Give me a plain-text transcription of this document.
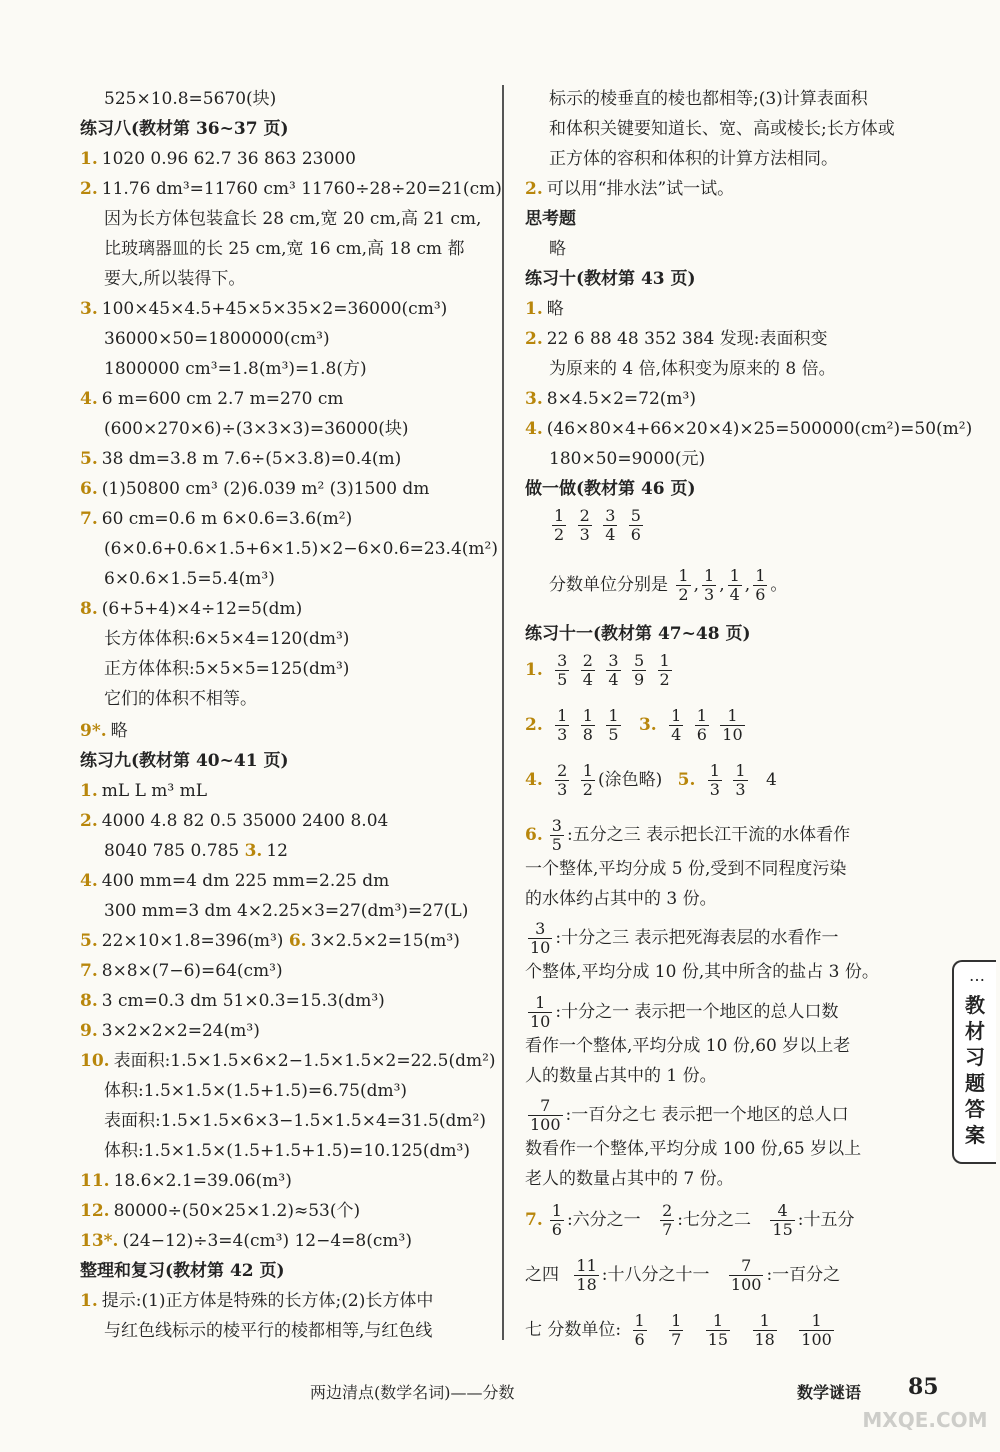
525×10.8=5670(块)
练习八(教材第 36~37 页)
1. 1020 0.96 62.7 36 863 23000
2. 11.76 dm³=11760 cm³ 11760÷28÷20=21(cm)
因为长方体包装盒长 28 cm,宽 20 cm,高 21 cm,
比玻璃器皿的长 25 cm,宽 16 cm,高 18 cm 都
要大,所以装得下。
3. 100×45×4.5+45×5×35×2=36000(cm³)
36000×50=1800000(cm³)
1800000 cm³=1.8(m³)=1.8(方)
4. 6 m=600 cm 2.7 m=270 cm
(600×270×6)÷(3×3×3)=36000(块)
5. 38 dm=3.8 m 7.6÷(5×3.8)=0.4(m)
6. (1)50800 cm³ (2)6.039 m² (3)1500 dm
7. 60 cm=0.6 m 6×0.6=3.6(m²)
(6×0.6+0.6×1.5+6×1.5)×2−6×0.6=23.4(m²)
6×0.6×1.5=5.4(m³)
8. (6+5+4)×4÷12=5(dm)
长方体体积:6×5×4=120(dm³)
正方体体积:5×5×5=125(dm³)
它们的体积不相等。
9*. 略
练习九(教材第 40~41 页)
1. mL L m³ mL
2. 4000 4.8 82 0.5 35000 2400 8.04
8040 785 0.785 3. 12
4. 400 mm=4 dm 225 mm=2.25 dm
300 mm=3 dm 4×2.25×3=27(dm³)=27(L)
5. 22×10×1.8=396(m³) 6. 3×2.5×2=15(m³)
7. 8×8×(7−6)=64(cm³)
8. 3 cm=0.3 dm 51×0.3=15.3(dm³)
9. 3×2×2×2=24(m³)
10. 表面积:1.5×1.5×6×2−1.5×1.5×2=22.5(dm²)
体积:1.5×1.5×(1.5+1.5)=6.75(dm³)
表面积:1.5×1.5×6×3−1.5×1.5×4=31.5(dm²)
体积:1.5×1.5×(1.5+1.5+1.5)=10.125(dm³)
11. 18.6×2.1=39.06(m³)
12. 80000÷(50×25×1.2)≈53(个)
13*. (24−12)÷3=4(cm³) 12−4=8(cm³)
整理和复习(教材第 42 页)
1. 提示:(1)正方体是特殊的长方体;(2)长方体中
与红色线标示的棱平行的棱都相等,与红色线
标示的棱垂直的棱也都相等;(3)计算表面积
和体积关键要知道长、宽、高或棱长;长方体或
正方体的容积和体积的计算方法相同。
2. 可以用“排水法”试一试。
思考题
略
练习十(教材第 43 页)
1. 略
2. 22 6 88 48 352 384 发现:表面积变
为原来的 4 倍,体积变为原来的 8 倍。
3. 8×4.5×2=72(m³)
4. (46×80×4+66×20×4)×25=500000(cm²)=50(m²)
180×50=9000(元)
做一做(教材第 46 页)
$\frac{1}{2}$
$\frac{2}{3}$
$\frac{3}{4}$
$\frac{5}{6}$
分数单位分别是 $\frac{1}{2}$ , $\frac{1}{3}$ , $\frac{1}{4}$ , $\frac{1}{6}$ 。
练习十一(教材第 47~48 页)
1. $\frac{3}{5}$
$\frac{2}{4}$
$\frac{3}{4}$
$\frac{5}{9}$
$\frac{1}{2}$
2. $\frac{1}{3}$
$\frac{1}{8}$
$\frac{1}{5} 3$. $\frac{1}{4}$
$\frac{1}{6}$
$\frac{1}{10}$
4. $\frac{2}{3}$
$\frac{1}{2}$ (涂色略) 5. $\frac{1}{3}$
$\frac{1}{3} 4$
6. $\frac{3}{5}$ :五分之三 表示把长江干流的水体看作
一个整体,平均分成 5 份,受到不同程度污染
的水体约占其中的 3 份。
$\frac{3}{10}$ :十分之三 表示把死海表层的水看作一
个整体,平均分成 10 份,其中所含的盐占 3 份。
$\frac{1}{10}$ :十分之一 表示把一个地区的总人口数
看作一个整体,平均分成 10 份,60 岁以上老
人的数量占其中的 1 份。
$\frac{7}{100}$ :一百分之七 表示把一个地区的总人口
数看作一个整体,平均分成 100 份,65 岁以上
老人的数量占其中的 7 份。
7. $\frac{1}{6}$ :六分之一 $\frac{2}{7}$ :七分之二 $\frac{4}{15}$ :十五分
之四 $\frac{11}{18}$ :十八分之十一 $\frac{7}{100}$ :一百分之
七 分数单位: $\frac{1}{6}$
$\frac{1}{7}$
$\frac{1}{15}$
$\frac{1}{18}$
$\frac{1}{100}$
…
教材习题答案
两边清点(数学名词)——分数	数学谜语 85
MXQE.COM
